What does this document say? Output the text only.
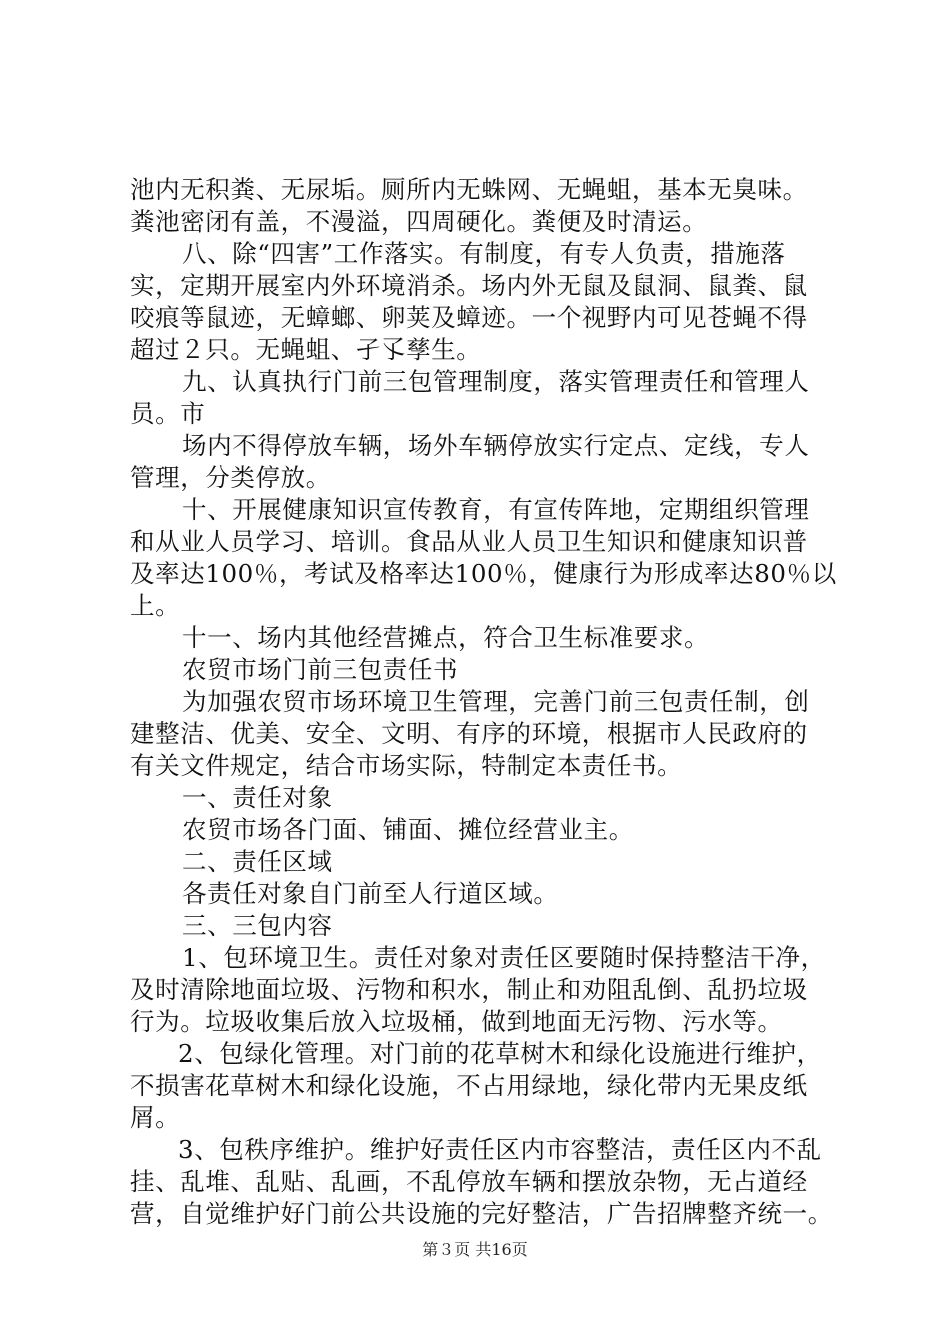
池内无积粪、无尿垢。厕所内无蛛网、无蝇蛆，基本无臭味。
粪池密闭有盖，不漫溢，四周硬化。粪便及时清运。
八、除“四害”工作落实。有制度，有专人负责，措施落
实，定期开展室内外环境消杀。场内外无鼠及鼠洞、鼠粪、鼠
咬痕等鼠迹，无蟑螂、卵荚及蟑迹。一个视野内可见苍蝇不得
超过２只。无蝇蛆、孑孓孳生。
九、认真执行门前三包管理制度，落实管理责任和管理人
员。市
场内不得停放车辆，场外车辆停放实行定点、定线，专人
管理，分类停放。
十、开展健康知识宣传教育，有宣传阵地，定期组织管理
和从业人员学习、培训。食品从业人员卫生知识和健康知识普
及率达100％，考试及格率达100％，健康行为形成率达80％以
上。
十一、场内其他经营摊点，符合卫生标准要求。
农贸市场门前三包责任书
为加强农贸市场环境卫生管理，完善门前三包责任制，创
建整洁、优美、安全、文明、有序的环境，根据市人民政府的
有关文件规定，结合市场实际，特制定本责任书。
一、责任对象
农贸市场各门面、铺面、摊位经营业主。
二、责任区域
各责任对象自门前至人行道区域。
三、三包内容
1、包环境卫生。责任对象对责任区要随时保持整洁干净，
及时清除地面垃圾、污物和积水，制止和劝阻乱倒、乱扔垃圾
行为。垃圾收集后放入垃圾桶，做到地面无污物、污水等。
2、包绿化管理。对门前的花草树木和绿化设施进行维护，
不损害花草树木和绿化设施，不占用绿地，绿化带内无果皮纸
屑。
3、包秩序维护。维护好责任区内市容整洁，责任区内不乱
挂、乱堆、乱贴、乱画，不乱停放车辆和摆放杂物，无占道经
营，自觉维护好门前公共设施的完好整洁，广告招牌整齐统一。
第３页 共16页
